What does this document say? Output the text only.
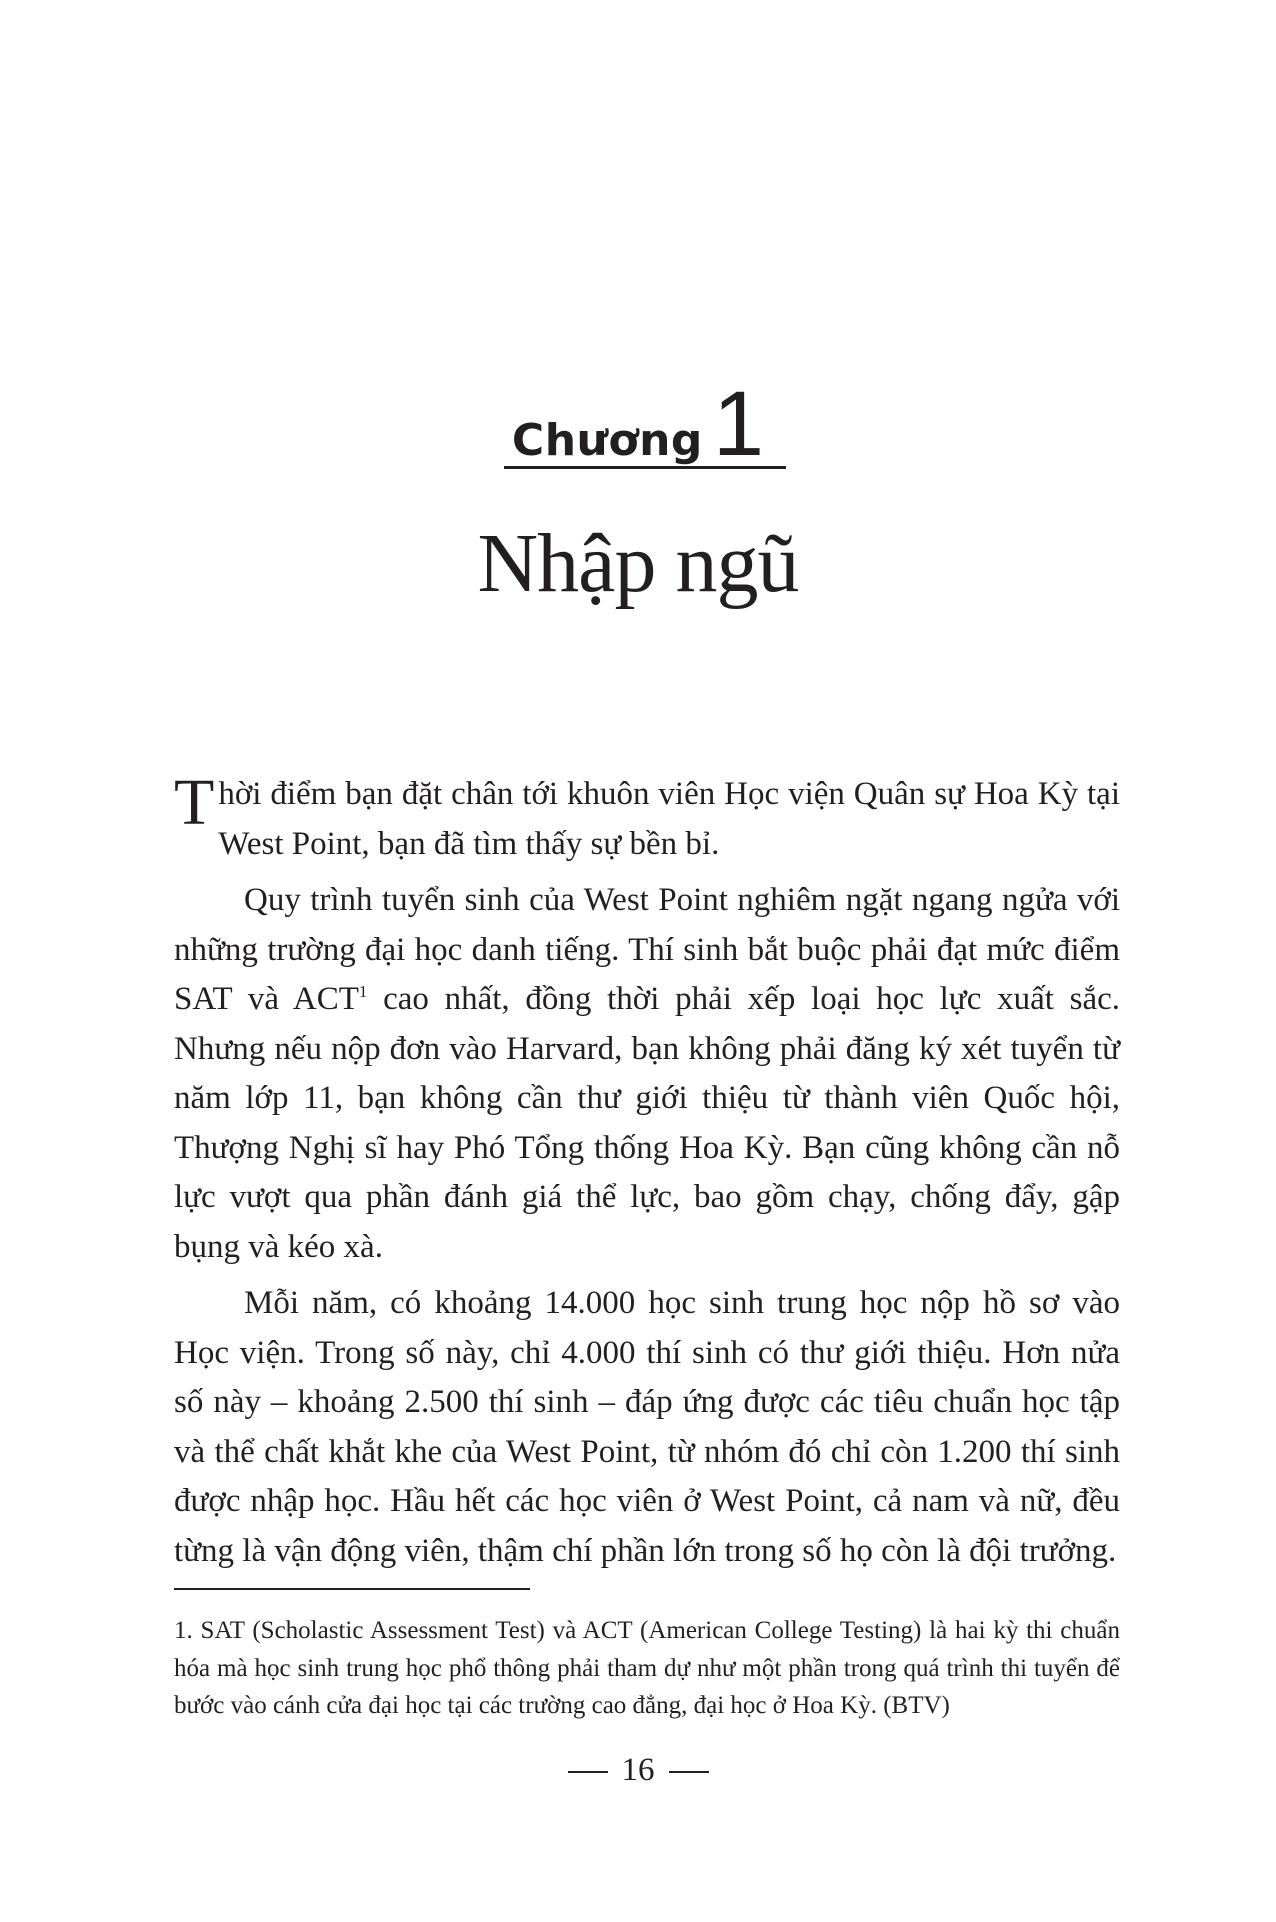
Chương 1
Nhập ngũ

Thời điểm bạn đặt chân tới khuôn viên Học viện Quân sự Hoa Kỳ tại West Point, bạn đã tìm thấy sự bền bỉ.

Quy trình tuyển sinh của West Point nghiêm ngặt ngang ngửa với những trường đại học danh tiếng. Thí sinh bắt buộc phải đạt mức điểm SAT và ACT$^1$ cao nhất, đồng thời phải xếp loại học lực xuất sắc. Nhưng nếu nộp đơn vào Harvard, bạn không phải đăng ký xét tuyển từ năm lớp 11, bạn không cần thư giới thiệu từ thành viên Quốc hội, Thượng Nghị sĩ hay Phó Tổng thống Hoa Kỳ. Bạn cũng không cần nỗ lực vượt qua phần đánh giá thể lực, bao gồm chạy, chống đẩy, gập bụng và kéo xà.

Mỗi năm, có khoảng 14.000 học sinh trung học nộp hồ sơ vào Học viện. Trong số này, chỉ 4.000 thí sinh có thư giới thiệu. Hơn nửa số này – khoảng 2.500 thí sinh – đáp ứng được các tiêu chuẩn học tập và thể chất khắt khe của West Point, từ nhóm đó chỉ còn 1.200 thí sinh được nhập học. Hầu hết các học viên ở West Point, cả nam và nữ, đều từng là vận động viên, thậm chí phần lớn trong số họ còn là đội trưởng.

1. SAT (Scholastic Assessment Test) và ACT (American College Testing) là hai kỳ thi chuẩn hóa mà học sinh trung học phổ thông phải tham dự như một phần trong quá trình thi tuyển để bước vào cánh cửa đại học tại các trường cao đẳng, đại học ở Hoa Kỳ. (BTV)
16
